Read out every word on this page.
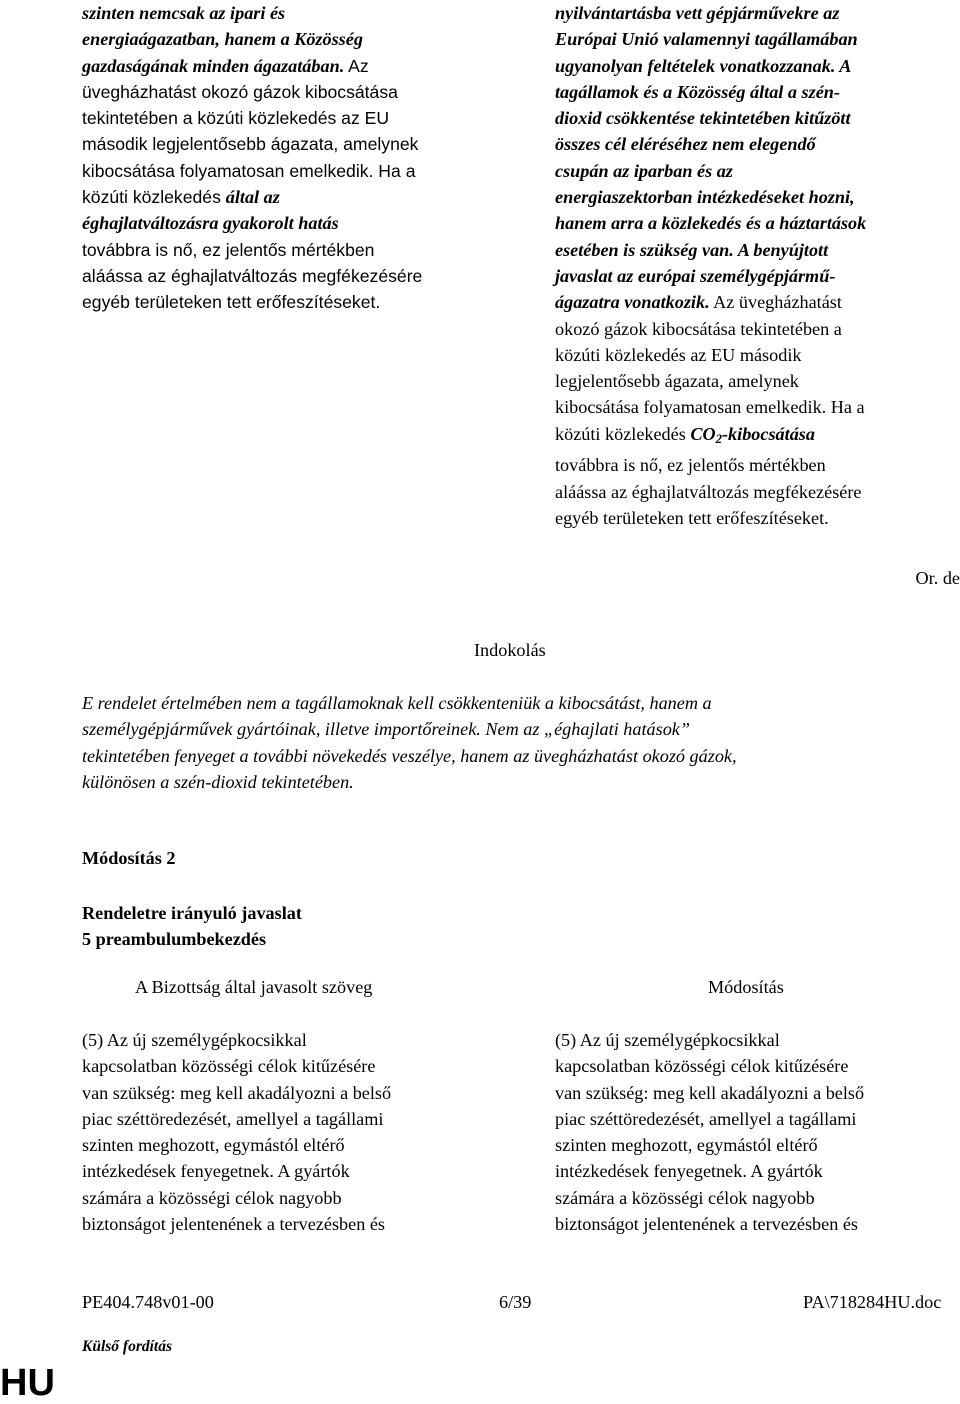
szinten nemcsak az ipari és
energiaágazatban, hanem a Közösség
gazdaságának minden ágazatában. Az
üvegházhatást okozó gázok kibocsátása
tekintetében a közúti közlekedés az EU
második legjelentősebb ágazata, amelynek
kibocsátása folyamatosan emelkedik. Ha a
közúti közlekedés által az
éghajlatváltozásra gyakorolt hatás
továbbra is nő, ez jelentős mértékben
aláássa az éghajlatváltozás megfékezésére
egyéb területeken tett erőfeszítéseket.
nyilvántartásba vett gépjárművekre az
Európai Unió valamennyi tagállamában
ugyanolyan feltételek vonatkozzanak. A
tagállamok és a Közösség által a szén-
dioxid csökkentése tekintetében kitűzött
összes cél eléréséhez nem elegendő
csupán az iparban és az
energiaszektorban intézkedéseket hozni,
hanem arra a közlekedés és a háztartások
esetében is szükség van. A benyújtott
javaslat az európai személygépjármű-
ágazatra vonatkozik. Az üvegházhatást
okozó gázok kibocsátása tekintetében a
közúti közlekedés az EU második
legjelentősebb ágazata, amelynek
kibocsátása folyamatosan emelkedik. Ha a
közúti közlekedés $CO_2$-kibocsátása
továbbra is nő, ez jelentős mértékben
aláássa az éghajlatváltozás megfékezésére
egyéb területeken tett erőfeszítéseket.
Or. de
Indokolás
E rendelet értelmében nem a tagállamoknak kell csökkenteniük a kibocsátást, hanem a
személygépjárművek gyártóinak, illetve importőreinek. Nem az „éghajlati hatások”
tekintetében fenyeget a további növekedés veszélye, hanem az üvegházhatást okozó gázok,
különösen a szén-dioxid tekintetében.
Módosítás 2
Rendeletre irányuló javaslat
5 preambulumbekezdés
A Bizottság által javasolt szöveg	Módosítás
(5) Az új személygépkocsikkal
kapcsolatban közösségi célok kitűzésére
van szükség: meg kell akadályozni a belső
piac széttöredezését, amellyel a tagállami
szinten meghozott, egymástól eltérő
intézkedések fenyegetnek. A gyártók
számára a közösségi célok nagyobb
biztonságot jelentenének a tervezésben és
(5) Az új személygépkocsikkal
kapcsolatban közösségi célok kitűzésére
van szükség: meg kell akadályozni a belső
piac széttöredezését, amellyel a tagállami
szinten meghozott, egymástól eltérő
intézkedések fenyegetnek. A gyártók
számára a közösségi célok nagyobb
biztonságot jelentenének a tervezésben és
PE404.748v01-00	6/39	PA\718284HU.doc
Külső fordítás
HU
